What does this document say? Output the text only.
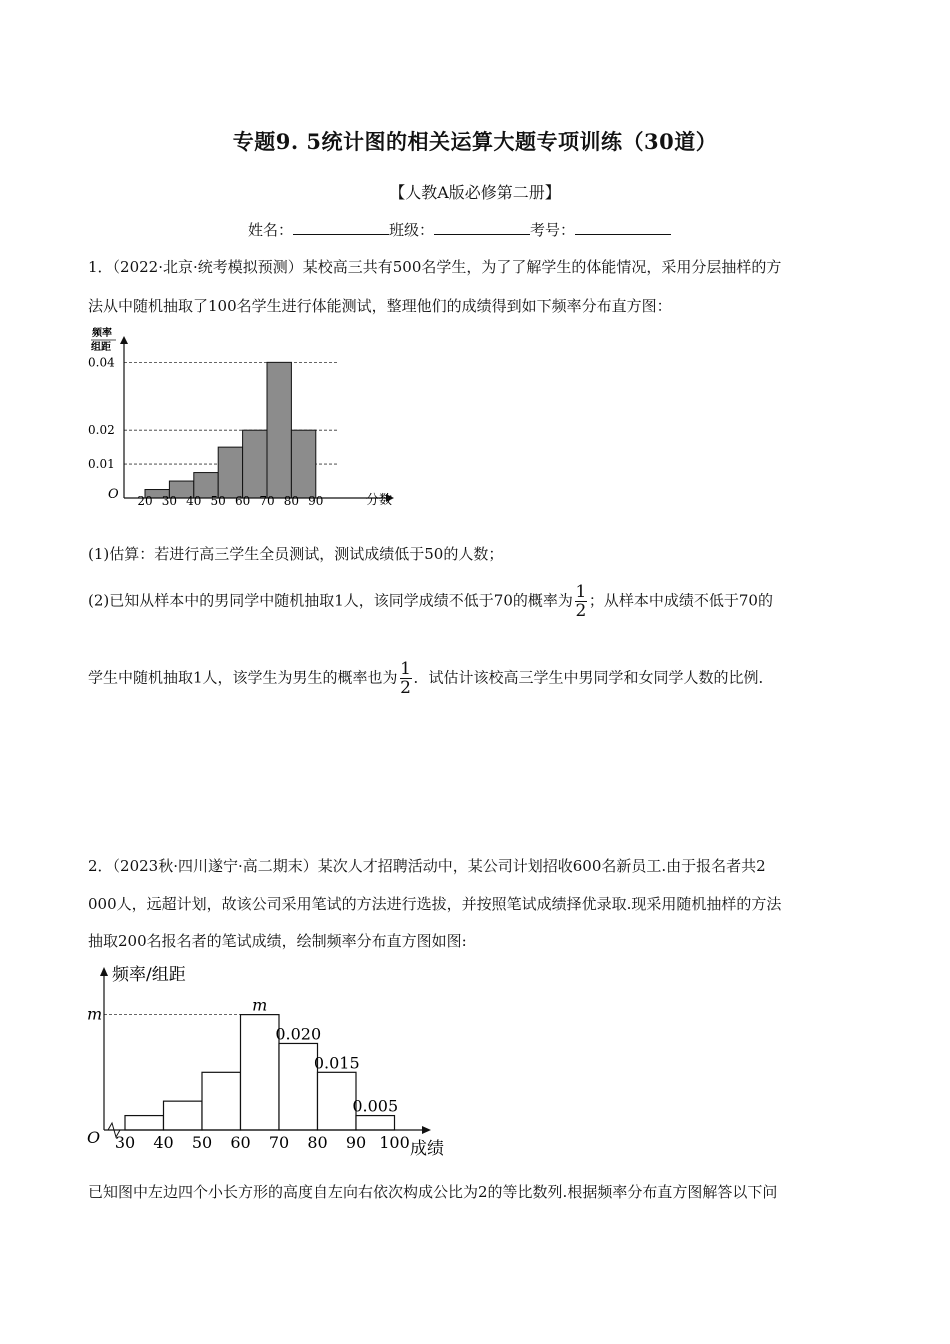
专题9. 5统计图的相关运算大题专项训练（30道）
【人教A版必修第二册】
姓名：	班级：	考号：
1．（2022·北京·统考模拟预测）某校高三共有500名学生，为了了解学生的体能情况，采用分层抽样的方
法从中随机抽取了100名学生进行体能测试，整理他们的成绩得到如下频率分布直方图：
频率
组距
O	分数
0.01
0.02
0.04
20 30 40 50 60 70 80 90
(1)估算：若进行高三学生全员测试，测试成绩低于50的人数；
(2)已知从样本中的男同学中随机抽取1人，该同学成绩不低于70的概率为 $\frac{1}{2}$ ；从样本中成绩不低于70的
学生中随机抽取1人，该学生为男生的概率也为 $\frac{1}{2}$ ．试估计该校高三学生中男同学和女同学人数的比例．
2．（2023秋·四川遂宁·高二期末）某次人才招聘活动中，某公司计划招收600名新员工.由于报名者共2
000人，远超计划，故该公司采用笔试的方法进行选拔，并按照笔试成绩择优录取.现采用随机抽样的方法
抽取200名报名者的笔试成绩，绘制频率分布直方图如图:
频率/组距
O
成绩
m
30 40 50 60 70 80 90 100
m
0.020
0.015
0.005
已知图中左边四个小长方形的高度自左向右依次构成公比为2的等比数列.根据频率分布直方图解答以下问
